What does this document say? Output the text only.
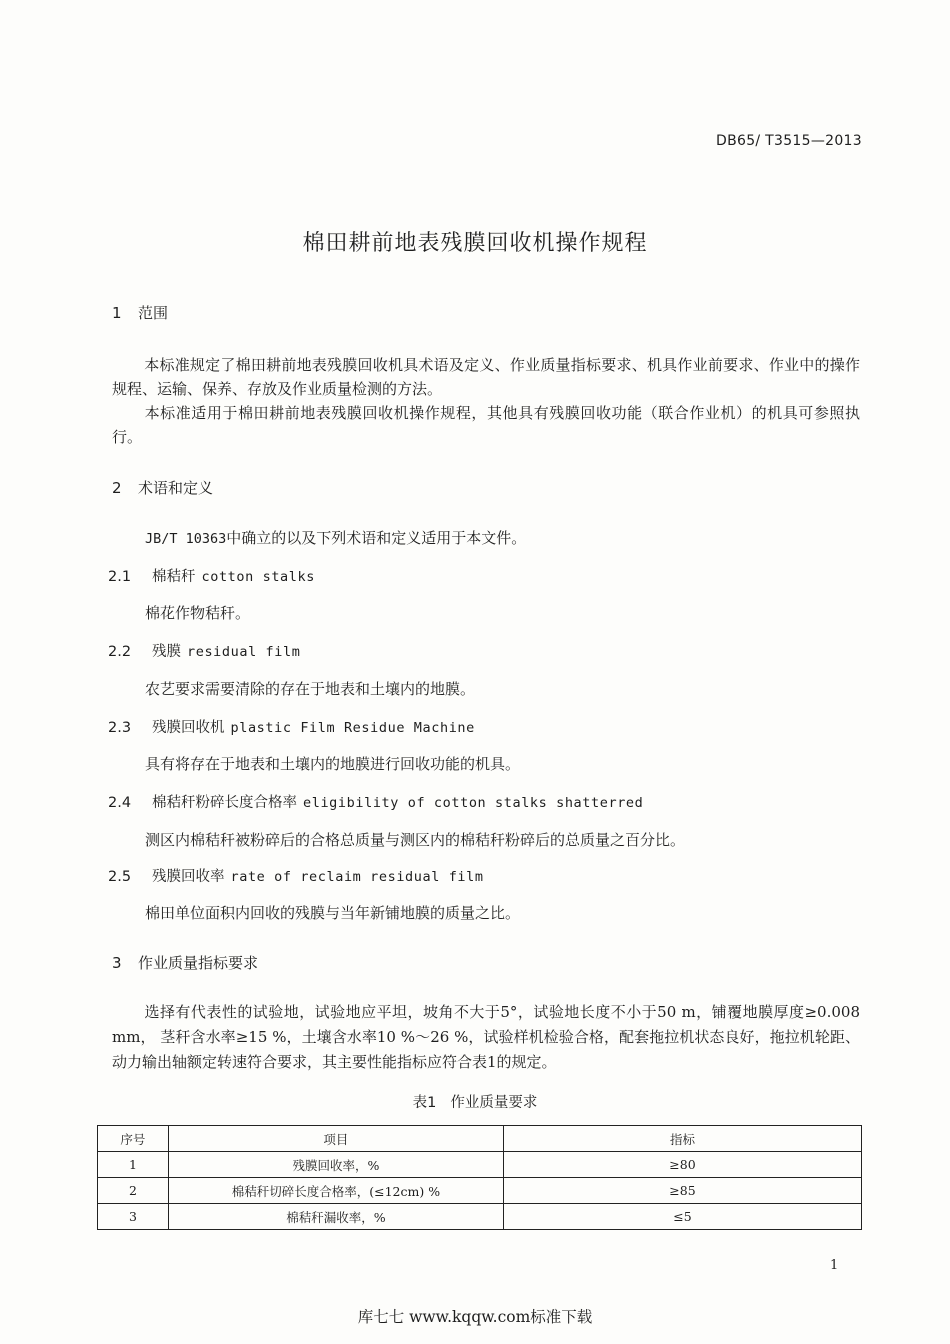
DB65/ T3515—2013
棉田耕前地表残膜回收机操作规程
1 范围
本标准规定了棉田耕前地表残膜回收机具术语及定义、作业质量指标要求、机具作业前要求、作业中的操作规程、运输、保养、存放及作业质量检测的方法。
本标准适用于棉田耕前地表残膜回收机操作规程，其他具有残膜回收功能（联合作业机）的机具可参照执行。
2 术语和定义
JB/T 10363中确立的以及下列术语和定义适用于本文件。
2.1 棉秸秆 cotton stalks
棉花作物秸秆。
2.2 残膜 residual film
农艺要求需要清除的存在于地表和土壤内的地膜。
2.3 残膜回收机 plastic Film Residue Machine
具有将存在于地表和土壤内的地膜进行回收功能的机具。
2.4 棉秸秆粉碎长度合格率 eligibility of cotton stalks shatterred
测区内棉秸秆被粉碎后的合格总质量与测区内的棉秸秆粉碎后的总质量之百分比。
2.5 残膜回收率 rate of reclaim residual film
棉田单位面积内回收的残膜与当年新铺地膜的质量之比。
3 作业质量指标要求
选择有代表性的试验地，试验地应平坦，坡角不大于5°，试验地长度不小于50 m，铺覆地膜厚度≥0.008 mm， 茎秆含水率≥15 %，土壤含水率10 %～26 %，试验样机检验合格，配套拖拉机状态良好，拖拉机轮距、动力输出轴额定转速符合要求，其主要性能指标应符合表1的规定。
表1 作业质量要求
序号	项目	指标
1	残膜回收率，%	≥80
2	棉秸秆切碎长度合格率，(≤12cm) %	≥85
3	棉秸秆漏收率，%	≤5
1
库七七 www.kqqw.com标准下载
